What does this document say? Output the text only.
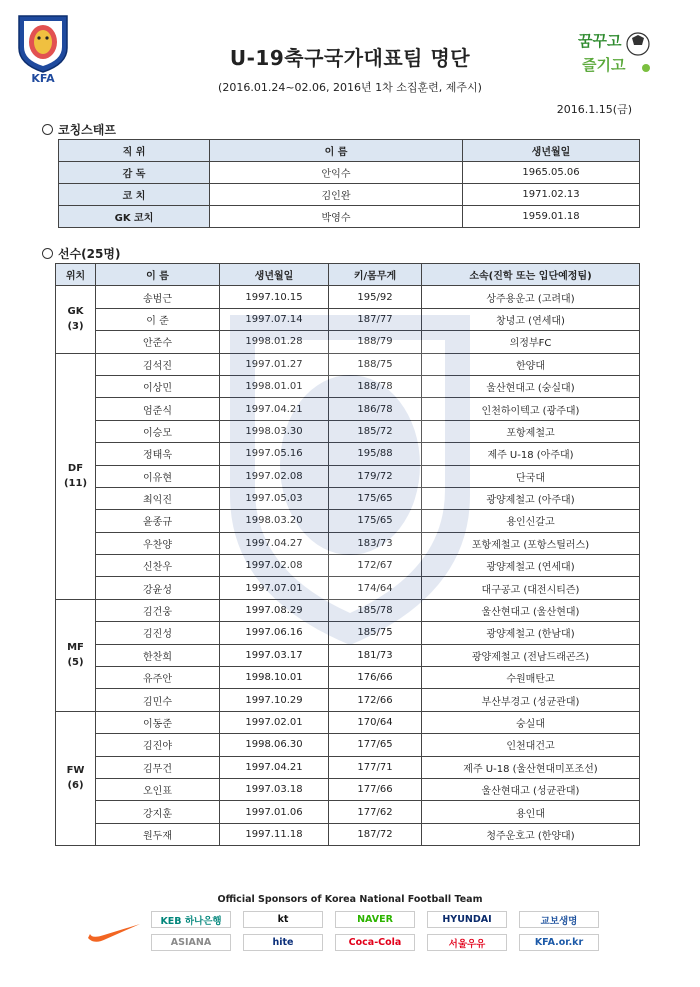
KFA
꿈꾸고
즐기고
U-19축구국가대표팀 명단
(2016.01.24~02.06, 2016년 1차 소집훈련, 제주시)
2016.1.15(금)
코칭스태프
직 위	이 름	생년월일
감 독	안익수	1965.05.06
코 치	김인완	1971.02.13
GK 코치	박영수	1959.01.18
선수(25명)
위치	이 름	생년월일	키/몸무게	소속(진학 또는 입단예정팀)

GK
(3)	송범근	1997.10.15	195/92	상주용운고 (고려대)
	이 준	1997.07.14	187/77	창녕고 (연세대)
	안준수	1998.01.28	188/79	의정부FC

DF
(11)	김석진	1997.01.27	188/75	한양대
	이상민	1998.01.01	188/78	울산현대고 (숭실대)
	엄준식	1997.04.21	186/78	인천하이텍고 (광주대)
	이승모	1998.03.30	185/72	포항제철고
	정태욱	1997.05.16	195/88	제주 U-18 (아주대)
	이유현	1997.02.08	179/72	단국대
	최익진	1997.05.03	175/65	광양제철고 (아주대)
	윤종규	1998.03.20	175/65	용인신갈고
	우찬양	1997.04.27	183/73	포항제철고 (포항스틸러스)
	신찬우	1997.02.08	172/67	광양제철고 (연세대)
	강윤성	1997.07.01	174/64	대구공고 (대전시티즌)

MF
(5)	김건웅	1997.08.29	185/78	울산현대고 (울산현대)
	김진성	1997.06.16	185/75	광양제철고 (한남대)
	한찬희	1997.03.17	181/73	광양제철고 (전남드래곤즈)
	유주안	1998.10.01	176/66	수원매탄고
	김민수	1997.10.29	172/66	부산부경고 (성균관대)

FW
(6)	이동준	1997.02.01	170/64	숭실대
	김진야	1998.06.30	177/65	인천대건고
	김무건	1997.04.21	177/71	제주 U-18 (울산현대미포조선)
	오인표	1997.03.18	177/66	울산현대고 (성균관대)
	강지훈	1997.01.06	177/62	용인대
	원두재	1997.11.18	187/72	청주운호고 (한양대)
Official Sponsors of Korea National Football Team
KEB 하나은행	kt	NAVER	HYUNDAI	교보생명
ASIANA	hite	Coca-Cola	서울우유	KFA.or.kr
